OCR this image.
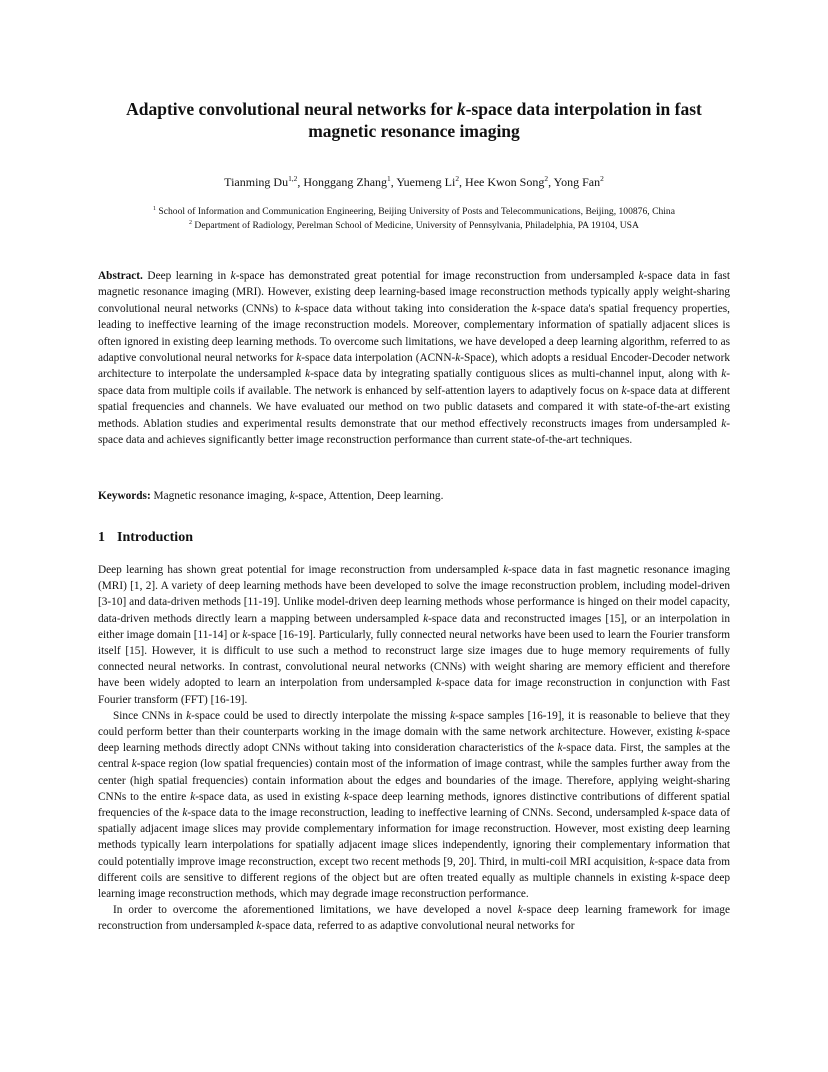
Adaptive convolutional neural networks for k-space data interpolation in fast magnetic resonance imaging
Tianming Du$^{1,2}$, Honggang Zhang$^1$, Yuemeng Li$^2$, Hee Kwon Song$^2$, Yong Fan$^2$
$^1$ School of Information and Communication Engineering, Beijing University of Posts and Telecommunications, Beijing, 100876, China
$^2$ Department of Radiology, Perelman School of Medicine, University of Pennsylvania, Philadelphia, PA 19104, USA
Abstract. Deep learning in k-space has demonstrated great potential for image reconstruction from undersampled k-space data in fast magnetic resonance imaging (MRI). However, existing deep learning-based image reconstruction methods typically apply weight-sharing convolutional neural networks (CNNs) to k-space data without taking into consideration the k-space data's spatial frequency properties, leading to ineffective learning of the image reconstruction models. Moreover, complementary information of spatially adjacent slices is often ignored in existing deep learning methods. To overcome such limitations, we have developed a deep learning algorithm, referred to as adaptive convolutional neural networks for k-space data interpolation (ACNN-k-Space), which adopts a residual Encoder-Decoder network architecture to interpolate the undersampled k-space data by integrating spatially contiguous slices as multi-channel input, along with k-space data from multiple coils if available. The network is enhanced by self-attention layers to adaptively focus on k-space data at different spatial frequencies and channels. We have evaluated our method on two public datasets and compared it with state-of-the-art existing methods. Ablation studies and experimental results demonstrate that our method effectively reconstructs images from undersampled k-space data and achieves significantly better image reconstruction performance than current state-of-the-art techniques.
Keywords: Magnetic resonance imaging, k-space, Attention, Deep learning.
1 Introduction

Deep learning has shown great potential for image reconstruction from undersampled k-space data in fast magnetic resonance imaging (MRI) [1, 2]. A variety of deep learning methods have been developed to solve the image reconstruction problem, including model-driven [3-10] and data-driven methods [11-19]. Unlike model-driven deep learning methods whose performance is hinged on their model capacity, data-driven methods directly learn a mapping between undersampled k-space data and reconstructed images [15], or an interpolation in either image domain [11-14] or k-space [16-19]. Particularly, fully connected neural networks have been used to learn the Fourier transform itself [15]. However, it is difficult to use such a method to reconstruct large size images due to huge memory requirements of fully connected neural networks. In contrast, convolutional neural networks (CNNs) with weight sharing are memory efficient and therefore have been widely adopted to learn an interpolation from undersampled k-space data for image reconstruction in conjunction with Fast Fourier transform (FFT) [16-19].

Since CNNs in k-space could be used to directly interpolate the missing k-space samples [16-19], it is reasonable to believe that they could perform better than their counterparts working in the image domain with the same network architecture. However, existing k-space deep learning methods directly adopt CNNs without taking into consideration characteristics of the k-space data. First, the samples at the central k-space region (low spatial frequencies) contain most of the information of image contrast, while the samples further away from the center (high spatial frequencies) contain information about the edges and boundaries of the image. Therefore, applying weight-sharing CNNs to the entire k-space data, as used in existing k-space deep learning methods, ignores distinctive contributions of different spatial frequencies of the k-space data to the image reconstruction, leading to ineffective learning of CNNs. Second, undersampled k-space data of spatially adjacent image slices may provide complementary information for image reconstruction. However, most existing deep learning methods typically learn interpolations for spatially adjacent image slices independently, ignoring their complementary information that could potentially improve image reconstruction, except two recent methods [9, 20]. Third, in multi-coil MRI acquisition, k-space data from different coils are sensitive to different regions of the object but are often treated equally as multiple channels in existing k-space deep learning image reconstruction methods, which may degrade image reconstruction performance.

In order to overcome the aforementioned limitations, we have developed a novel k-space deep learning framework for image reconstruction from undersampled k-space data, referred to as adaptive convolutional neural networks for
